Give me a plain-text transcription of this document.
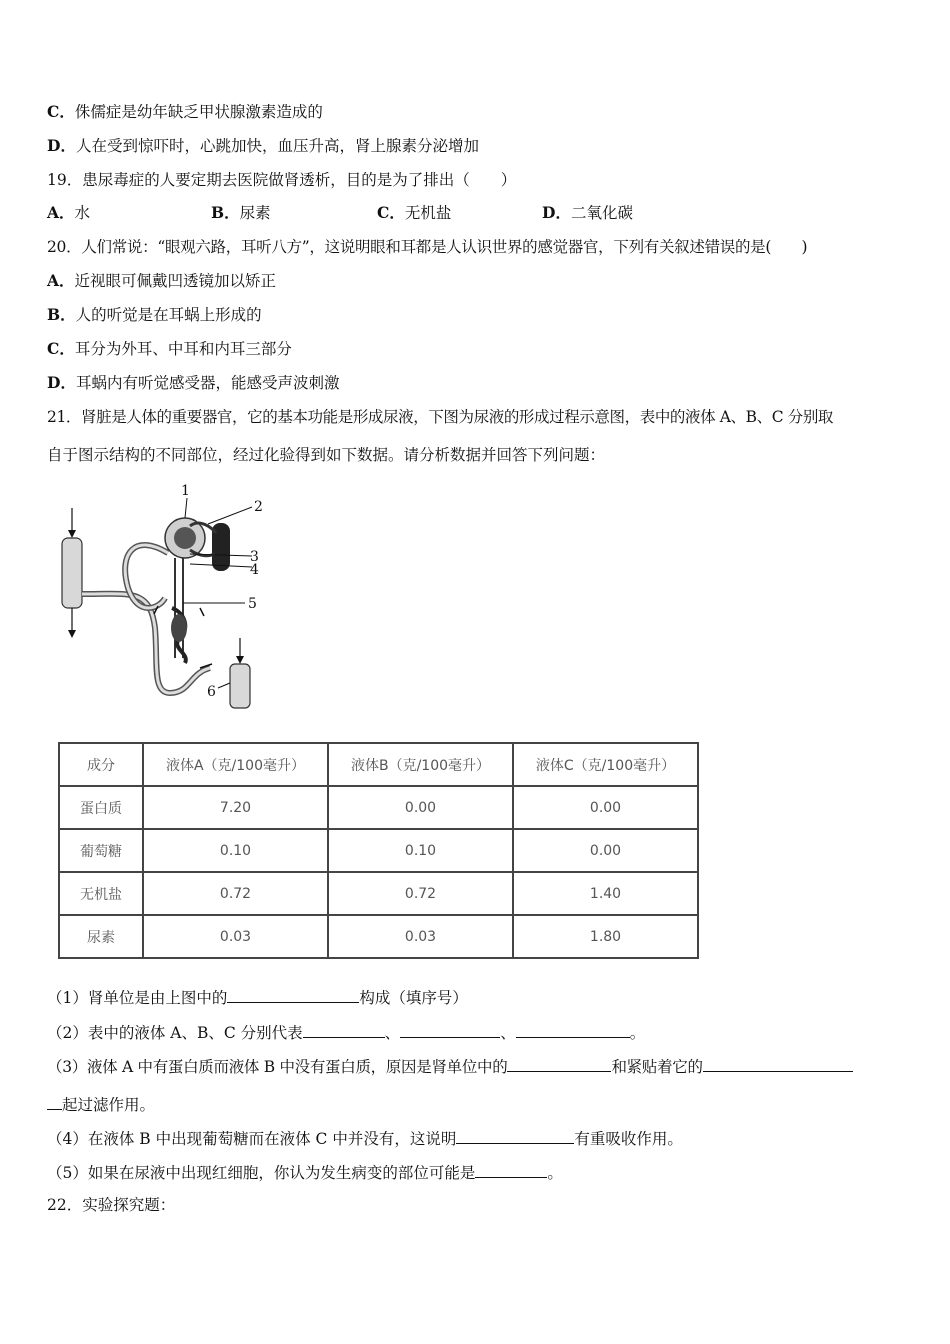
C．侏儒症是幼年缺乏甲状腺激素造成的
D．人在受到惊吓时，心跳加快，血压升高，肾上腺素分泌增加
19．患尿毒症的人要定期去医院做肾透析，目的是为了排出（　　）
A．水	B．尿素	C．无机盐	D．二氧化碳
20．人们常说：“眼观六路，耳听八方”，这说明眼和耳都是人认识世界的感觉器官，下列有关叙述错误的是(　　)
A．近视眼可佩戴凹透镜加以矫正
B．人的听觉是在耳蜗上形成的
C．耳分为外耳、中耳和内耳三部分
D．耳蜗内有听觉感受器，能感受声波刺激
21．肾脏是人体的重要器官，它的基本功能是形成尿液，下图为尿液的形成过程示意图，表中的液体 A、B、C 分别取
自于图示结构的不同部位，经过化验得到如下数据。请分析数据并回答下列问题：
1
2
3
4
5
6
成分	液体A（克/100毫升）	液体B（克/100毫升）	液体C（克/100毫升）
蛋白质	7.20	0.00	0.00
葡萄糖	0.10	0.10	0.00
无机盐	0.72	0.72	1.40
尿素	0.03	0.03	1.80
（1）肾单位是由上图中的	构成（填序号）
（2）表中的液体 A、B、C 分别代表	、	、	。
（3）液体 A 中有蛋白质而液体 B 中没有蛋白质，原因是肾单位中的	和紧贴着它的
起过滤作用。
（4）在液体 B 中出现葡萄糖而在液体 C 中并没有，这说明	有重吸收作用。
（5）如果在尿液中出现红细胞，你认为发生病变的部位可能是	。
22．实验探究题：
